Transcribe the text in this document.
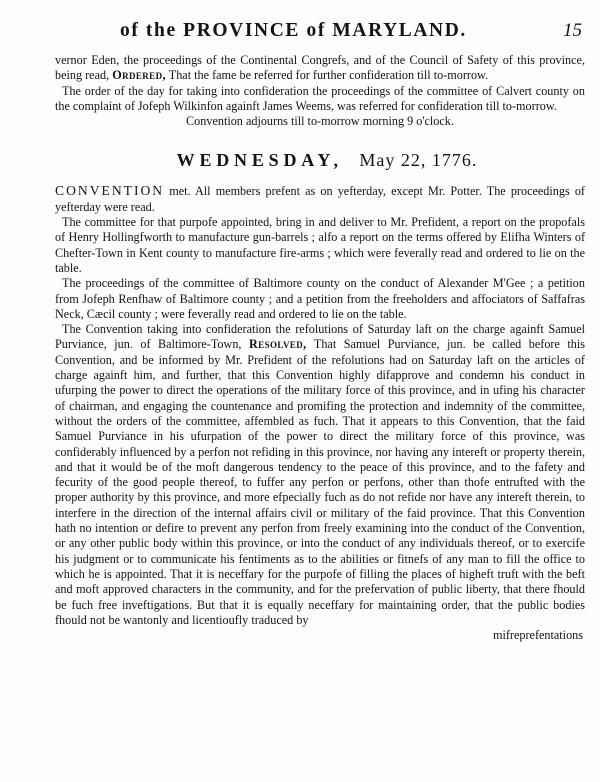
of the PROVINCE of MARYLAND.	15

vernor Eden, the proceedings of the Continental Congrefs, and of the Council of Safety of this province, being read, Ordered, That the fame be referred for further confideration till to-morrow.

The order of the day for taking into confideration the proceedings of the committee of Calvert county on the complaint of Jofeph Wilkinfon againft James Weems, was referred for confideration till to-morrow.

Convention adjourns till to-morrow morning 9 o'clock.

WEDNESDAY, May 22, 1776.

CONVENTION met. All members prefent as on yefterday, except Mr. Potter. The proceedings of yefterday were read.

The committee for that purpofe appointed, bring in and deliver to Mr. Prefident, a report on the propofals of Henry Hollingfworth to manufacture gun-barrels ; alfo a report on the terms offered by Elifha Winters of Chefter-Town in Kent county to manufacture fire-arms ; which were feverally read and ordered to lie on the table.

The proceedings of the committee of Baltimore county on the conduct of Alexander M'Gee ; a petition from Jofeph Renfhaw of Baltimore county ; and a petition from the freeholders and affociators of Saffafras Neck, Cæcil county ; were feverally read and ordered to lie on the table.

The Convention taking into confideration the refolutions of Saturday laft on the charge againft Samuel Purviance, jun. of Baltimore-Town, Resolved, That Samuel Purviance, jun. be called before this Convention, and be informed by Mr. Prefident of the refolutions had on Saturday laft on the articles of charge againft him, and further, that this Convention highly difapprove and condemn his conduct in ufurping the power to direct the operations of the military force of this province, and in ufing his character of chairman, and engaging the countenance and promifing the protection and indemnity of the committee, without the orders of the committee, affembled as fuch. That it appears to this Convention, that the faid Samuel Purviance in his ufurpation of the power to direct the military force of this province, was confiderably influenced by a perfon not refiding in this province, nor having any intereft or property therein, and that it would be of the moft dangerous tendency to the peace of this province, and to the fafety and fecurity of the good people thereof, to fuffer any perfon or perfons, other than thofe entrufted with the proper authority by this province, and more efpecially fuch as do not refide nor have any intereft therein, to interfere in the direction of the internal affairs civil or military of the faid province. That this Convention hath no intention or defire to prevent any perfon from freely examining into the conduct of the Convention, or any other public body within this province, or into the conduct of any individuals thereof, or to exercife his judgment or to communicate his fentiments as to the abilities or fitnefs of any man to fill the office to which he is appointed. That it is neceffary for the purpofe of filling the places of higheft truft with the beft and moft approved characters in the community, and for the prefervation of public liberty, that there fhould be fuch free inveftigations. But that it is equally neceffary for maintaining order, that the public bodies fhould not be wantonly and licentioufly traduced by

mifreprefentations
